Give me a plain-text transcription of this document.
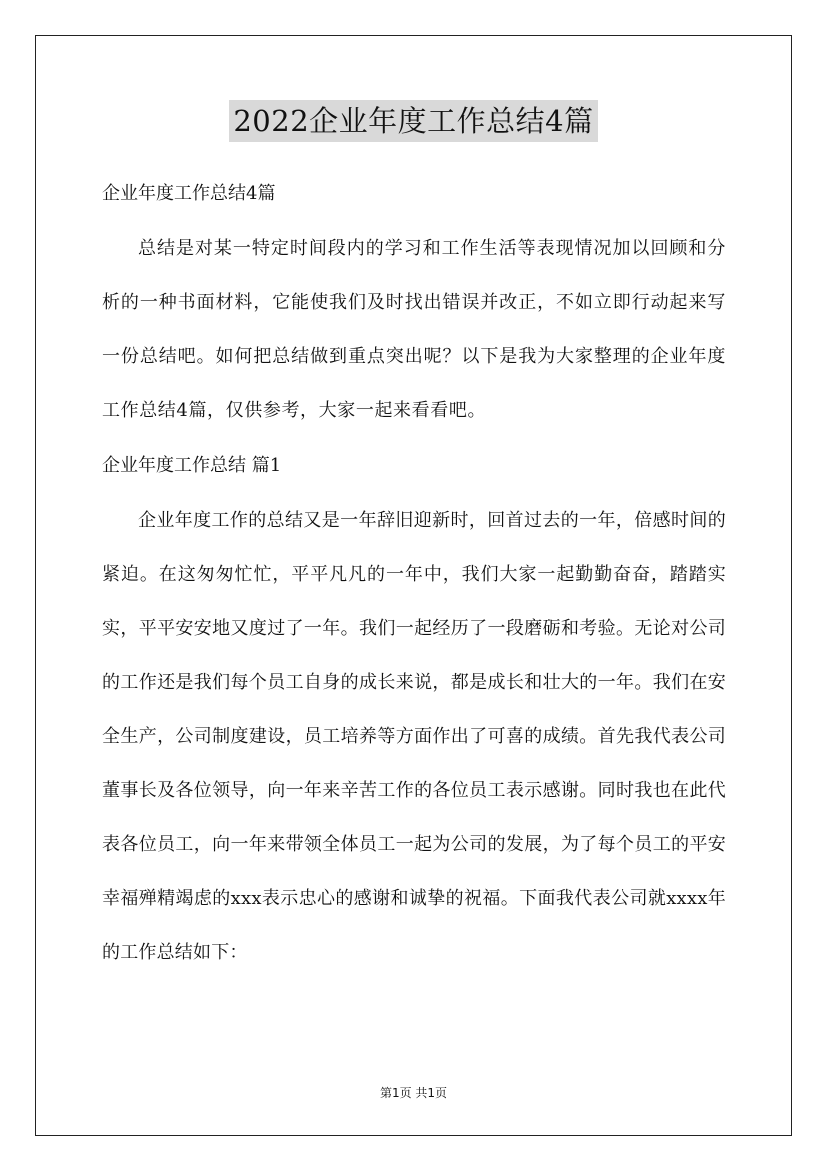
2022企业年度工作总结4篇

企业年度工作总结4篇

总结是对某一特定时间段内的学习和工作生活等表现情况加以回顾和分析的一种书面材料，它能使我们及时找出错误并改正，不如立即行动起来写一份总结吧。如何把总结做到重点突出呢？以下是我为大家整理的企业年度工作总结4篇，仅供参考，大家一起来看看吧。

企业年度工作总结 篇1

企业年度工作的总结又是一年辞旧迎新时，回首过去的一年，倍感时间的紧迫。在这匆匆忙忙，平平凡凡的一年中，我们大家一起勤勤奋奋，踏踏实实，平平安安地又度过了一年。我们一起经历了一段磨砺和考验。无论对公司的工作还是我们每个员工自身的成长来说，都是成长和壮大的一年。我们在安全生产，公司制度建设，员工培养等方面作出了可喜的成绩。首先我代表公司董事长及各位领导，向一年来辛苦工作的各位员工表示感谢。同时我也在此代表各位员工，向一年来带领全体员工一起为公司的发展，为了每个员工的平安幸福殚精竭虑的xxx表示忠心的感谢和诚挚的祝福。下面我代表公司就xxxx年的工作总结如下：

第1页 共1页
